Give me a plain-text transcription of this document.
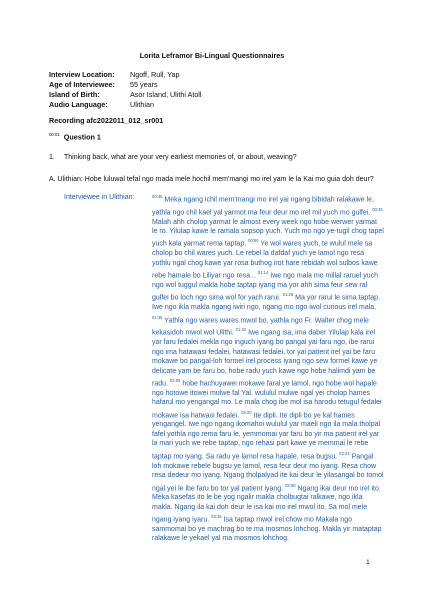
Lorita Leframor Bi-Lingual Questionnaires
Interview Location:	Ngoff, Rull, Yap
Age of Interviewee:	55 years
Island of Birth:	Asor Island, Ulithi Atoll
Audio Language:	Ulithian
Recording afc2022011_012_sr001
$^{00:01}$ Question 1
1. Thinking back, what are your very earliest memories of, or about, weaving?
A. Ulithian: Hobe luluwal tefal ngo mada mele hochil mem'mangi mo irel yam le la Kai mo guia doh deur?
Interviewee in Ulithian:	$^{00:35}$ Meka ngang ichil mem'mangi mo irel yai ngang bibidah ralakawe le, yathla ngo chil kael yal yarmot ma feur deur mo irel mil yuch mo gulfei. $^{00:45}$ Malah ahh cholop yarmat le almost every week ngo hobe werwer yarmat le ro. Yilulap kawe le ramala sopsop yuch. Yuch mo ngo ye-tugil chog tapel yuch kala yarmat rema taptap. $^{00:56}$ Ye wol wares yuch, te wulul mele sa cholop bo chil wares yuch. Le rebel la dafdaf yuch ye lamol ngo resa yothlu ngal chog kawe yar rosa buthog irot hare rebidah wol sulbos kawe rebe hamale bo Liliyar ngo resa... $^{01:14}$ Iwe ngo mala mo millal raruel yuch ngo wol tuggul makla hobe taptap iyang ma yor ahh sima feur sew ral gulfei bo loch ngo sima wol for yach rarui. $^{01:26}$ Ma yor rarui le sima taptap. Iwe ngo ikla makla ngang iwiri ngo, ngang mo ngo iwol curious irel mala. $^{01:35}$ Yathla ngo wares wares mwol bo, yathla ngo Fr. Walter chog mele kekasidoh mwol wol Ulithi. $^{01:42}$ Iwe ngang isa, ima daber Yilulap kala irel yar faru fedalei mekla ngo inguch iyang bo pangal yai faru ngo, ibe rarui ngo ima hatawasi fedalei, hatawasi fedalei, tor yai patient irel yai be faru mokawe bo pangal-loh formel irel process iyang ngo sew formel kawe ye delicate yam be faru bo, hobe radu yuch kawe ngo hobe halimdi yam be radu. $^{02:05}$ hobe hachuyawei mokawe faral ye lamol, ngo hobe wol hapale ngo hotowe itowei mulwe fal Yal. wululul mulwe ngal yei cholop hames hafarul mo yengangal mo. Le mala chog ibe mol isa harodu tetugul fedalei mokawe isa hatwasi fedalei. $^{02:20}$ Ite dipli. Ite dipli bo ye kal hames yengangel. Iwe ngo ngang ikomahoi wululul yar maeli ngo ila mala tholpal fafel yothla ngo rema faru le, yemmomai yar faru bo yir ma patient irel yar la mari yuch we rebe taptap, ngo rehasi part kawe ye memmai le rebe taptap mo iyang. Sa radu ye lamol resa hapale, resa bugsu. $^{02:44}$ Pangal loh mokawe rebele bugsu ye lamol, resa feur deur mo iyang. Resa chow resa dedeur mo iyang. Ngang tholpalyad ite kai deur le yilasangal bo tomol ngal yei le ibe faru bo tor yal patient iyang. $^{02:58}$ Ngang ikai deur mo irel ito. Meka kasefas ito le be yog ngalir makla cholbugtai ralkawe, ngo ikla makla. Ngang ila kai doh deur le isa kai mo irel mwol ito. Sa mol mele ngang iyang iyaru. $^{03:15}$ Isa taptap mwol irel chow mo Makala ngo sammomai bo ye machrag bo te ma mosmos lohchog. Makla yir mataptap ralakawe le yekael yal ma mosmos lohchog.
1
